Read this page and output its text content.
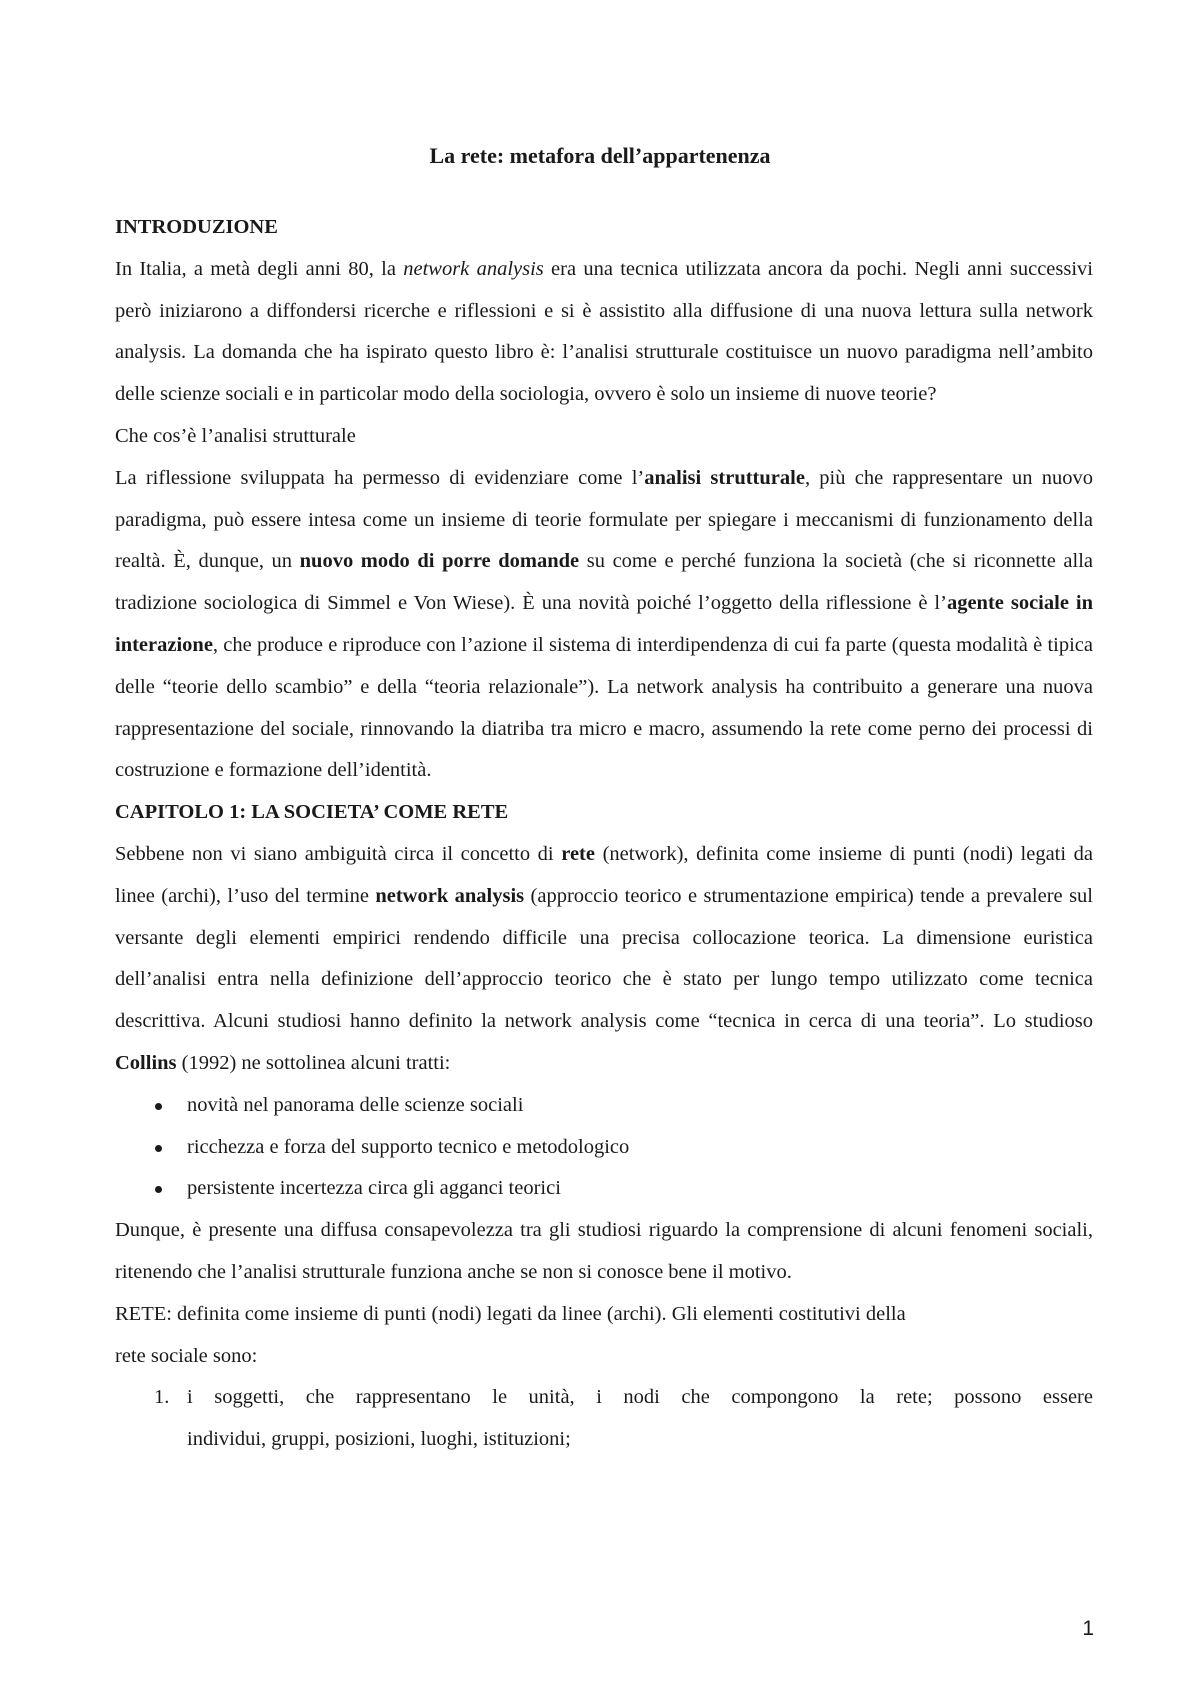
La rete: metafora dell’appartenenza

INTRODUZIONE

In Italia, a metà degli anni 80, la network analysis era una tecnica utilizzata ancora da pochi. Negli anni successivi però iniziarono a diffondersi ricerche e riflessioni e si è assistito alla diffusione di una nuova lettura sulla network analysis. La domanda che ha ispirato questo libro è: l’analisi strutturale costituisce un nuovo paradigma nell’ambito delle scienze sociali e in particolar modo della sociologia, ovvero è solo un insieme di nuove teorie?

Che cos’è l’analisi strutturale

La riflessione sviluppata ha permesso di evidenziare come l’analisi strutturale, più che rappresentare un nuovo paradigma, può essere intesa come un insieme di teorie formulate per spiegare i meccanismi di funzionamento della realtà. È, dunque, un nuovo modo di porre domande su come e perché funziona la società (che si riconnette alla tradizione sociologica di Simmel e Von Wiese). È una novità poiché l’oggetto della riflessione è l’agente sociale in interazione, che produce e riproduce con l’azione il sistema di interdipendenza di cui fa parte (questa modalità è tipica delle “teorie dello scambio” e della “teoria relazionale”). La network analysis ha contribuito a generare una nuova rappresentazione del sociale, rinnovando la diatriba tra micro e macro, assumendo la rete come perno dei processi di costruzione e formazione dell’identità.

CAPITOLO 1: LA SOCIETA’ COME RETE

Sebbene non vi siano ambiguità circa il concetto di rete (network), definita come insieme di punti (nodi) legati da linee (archi), l’uso del termine network analysis (approccio teorico e strumentazione empirica) tende a prevalere sul versante degli elementi empirici rendendo difficile una precisa collocazione teorica. La dimensione euristica dell’analisi entra nella definizione dell’approccio teorico che è stato per lungo tempo utilizzato come tecnica descrittiva. Alcuni studiosi hanno definito la network analysis come “tecnica in cerca di una teoria”. Lo studioso Collins (1992) ne sottolinea alcuni tratti:

novità nel panorama delle scienze sociali
ricchezza e forza del supporto tecnico e metodologico
persistente incertezza circa gli agganci teorici

Dunque, è presente una diffusa consapevolezza tra gli studiosi riguardo la comprensione di alcuni fenomeni sociali, ritenendo che l’analisi strutturale funziona anche se non si conosce bene il motivo.

RETE: definita come insieme di punti (nodi) legati da linee (archi). Gli elementi costitutivi della
rete sociale sono:

1. i soggetti, che rappresentano le unità, i nodi che compongono la rete; possono essere
individui, gruppi, posizioni, luoghi, istituzioni;
1
